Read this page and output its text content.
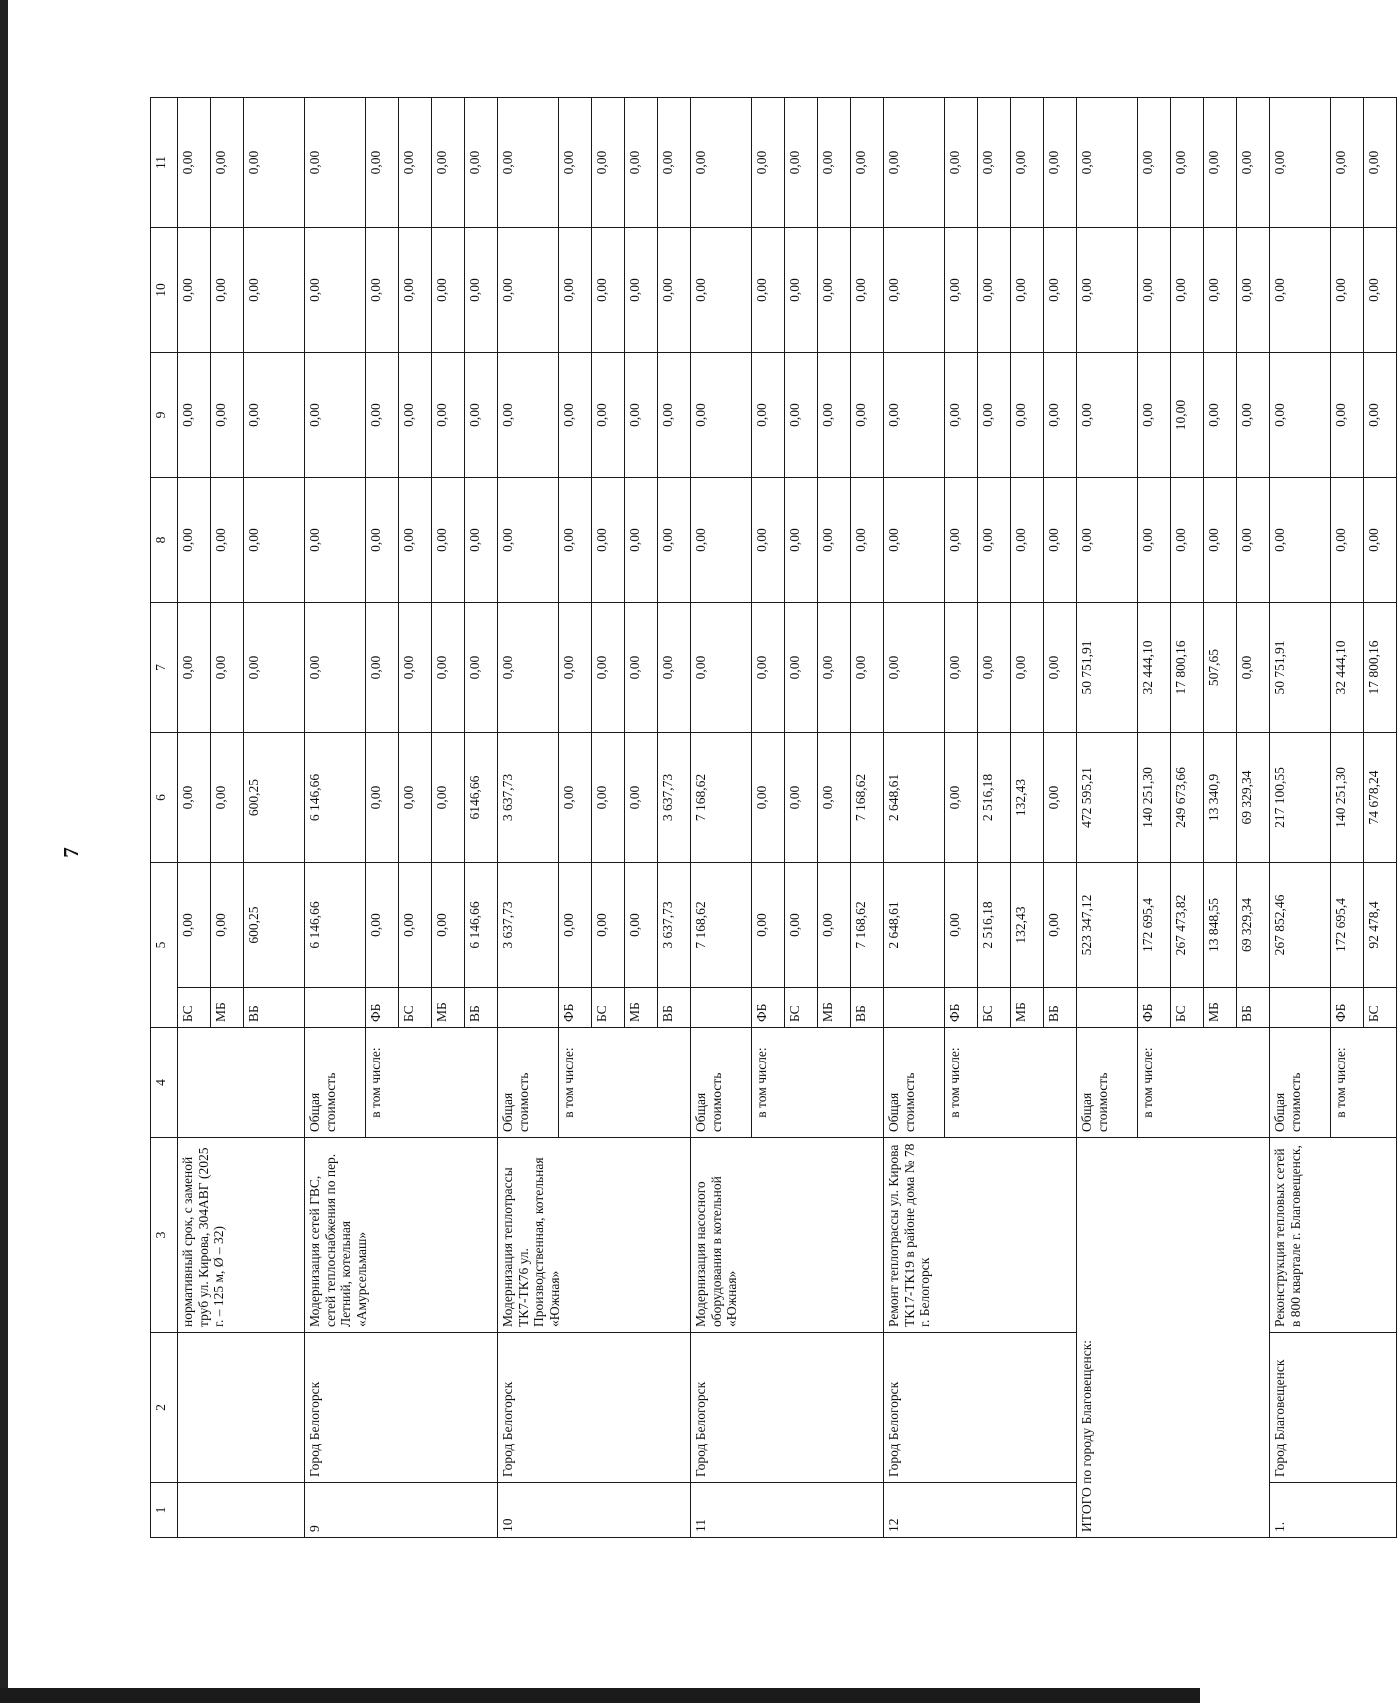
7
1	2	3	4	5		6	7	8	9	10	11
		нормативный срок, с заменой труб ул. Кирова, 304ABГ (2025 г. – 125 м, Ø – 32)		БС	0,00	0,00	0,00	0,00	0,00	0,00	0,00
				МБ	0,00	0,00	0,00	0,00	0,00	0,00	0,00
				ВБ	600,25	600,25	0,00	0,00	0,00	0,00	0,00
9	Город Белогорск	Модернизация сетей ГВС, сетей теплоснабжения по пер. Летний, котельная «Амурсельмаш»	Общая стоимость		6 146,66	6 146,66	0,00	0,00	0,00	0,00	0,00
			в том числе:	ФБ	0,00	0,00	0,00	0,00	0,00	0,00	0,00
				БС	0,00	0,00	0,00	0,00	0,00	0,00	0,00
				МБ	0,00	0,00	0,00	0,00	0,00	0,00	0,00
				ВБ	6 146,66	6146,66	0,00	0,00	0,00	0,00	0,00
10	Город Белогорск	Модернизация теплотрассы ТК7-ТК76 ул. Производственная, котельная «Южная»	Общая стоимость		3 637,73	3 637,73	0,00	0,00	0,00	0,00	0,00
			в том числе:	ФБ	0,00	0,00	0,00	0,00	0,00	0,00	0,00
				БС	0,00	0,00	0,00	0,00	0,00	0,00	0,00
				МБ	0,00	0,00	0,00	0,00	0,00	0,00	0,00
				ВБ	3 637,73	3 637,73	0,00	0,00	0,00	0,00	0,00
11	Город Белогорск	Модернизация насосного оборудования в котельной «Южная»	Общая стоимость		7 168,62	7 168,62	0,00	0,00	0,00	0,00	0,00
			в том числе:	ФБ	0,00	0,00	0,00	0,00	0,00	0,00	0,00
				БС	0,00	0,00	0,00	0,00	0,00	0,00	0,00
				МБ	0,00	0,00	0,00	0,00	0,00	0,00	0,00
				ВБ	7 168,62	7 168,62	0,00	0,00	0,00	0,00	0,00
12	Город Белогорск	Ремонт теплотрассы ул. Кирова ТК17-ТК19 в районе дома № 78 г. Белогорск	Общая стоимость		2 648,61	2 648,61	0,00	0,00	0,00	0,00	0,00
			в том числе:	ФБ	0,00	0,00	0,00	0,00	0,00	0,00	0,00
				БС	2 516,18	2 516,18	0,00	0,00	0,00	0,00	0,00
				МБ	132,43	132,43	0,00	0,00	0,00	0,00	0,00
				ВБ	0,00	0,00	0,00	0,00	0,00	0,00	0,00
ИТОГО по городу Благовещенск:			Общая стоимость		523 347,12	472 595,21	50 751,91	0,00	0,00	0,00	0,00
			в том числе:	ФБ	172 695,4	140 251,30	32 444,10	0,00	0,00	0,00	0,00
				БС	267 473,82	249 673,66	17 800,16	0,00	10,00	0,00	0,00
				МБ	13 848,55	13 340,9	507,65	0,00	0,00	0,00	0,00
				ВБ	69 329,34	69 329,34	0,00	0,00	0,00	0,00	0,00
1.	Город Благовещенск	Реконструкция тепловых сетей в 800 квартале г. Благовещенск,	Общая стоимость		267 852,46	217 100,55	50 751,91	0,00	0,00	0,00	0,00
			в том числе:	ФБ	172 695,4	140 251,30	32 444,10	0,00	0,00	0,00	0,00
				БС	92 478,4	74 678,24	17 800,16	0,00	0,00	0,00	0,00
